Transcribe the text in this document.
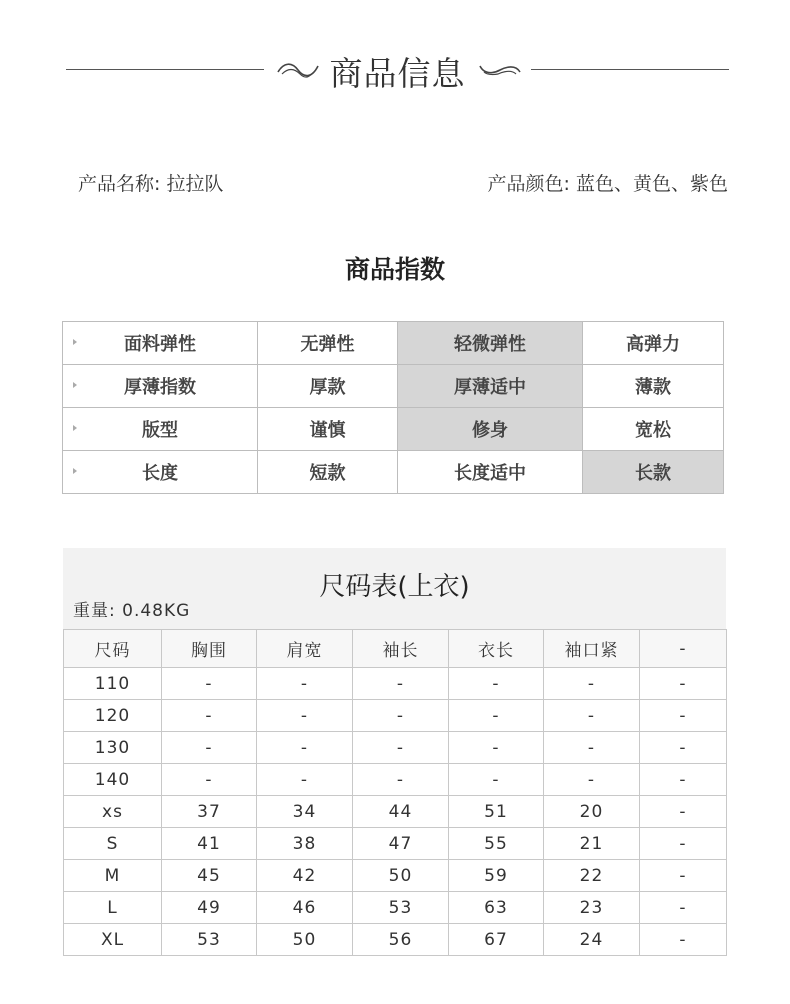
商品信息
产品名称: 拉拉队	产品颜色: 蓝色、黄色、紫色
商品指数
面料弹性	无弹性	轻微弹性	高弹力

厚薄指数	厚款	厚薄适中	薄款

版型	谨慎	修身	宽松

长度	短款	长度适中	长款
尺码表(上衣)
重量: 0.48KG
尺码	胸围	肩宽	袖长	衣长	袖口紧	-
110	-	-	-	-	-	-
120	-	-	-	-	-	-
130	-	-	-	-	-	-
140	-	-	-	-	-	-
xs	37	34	44	51	20	-
S	41	38	47	55	21	-
M	45	42	50	59	22	-
L	49	46	53	63	23	-
XL	53	50	56	67	24	-
